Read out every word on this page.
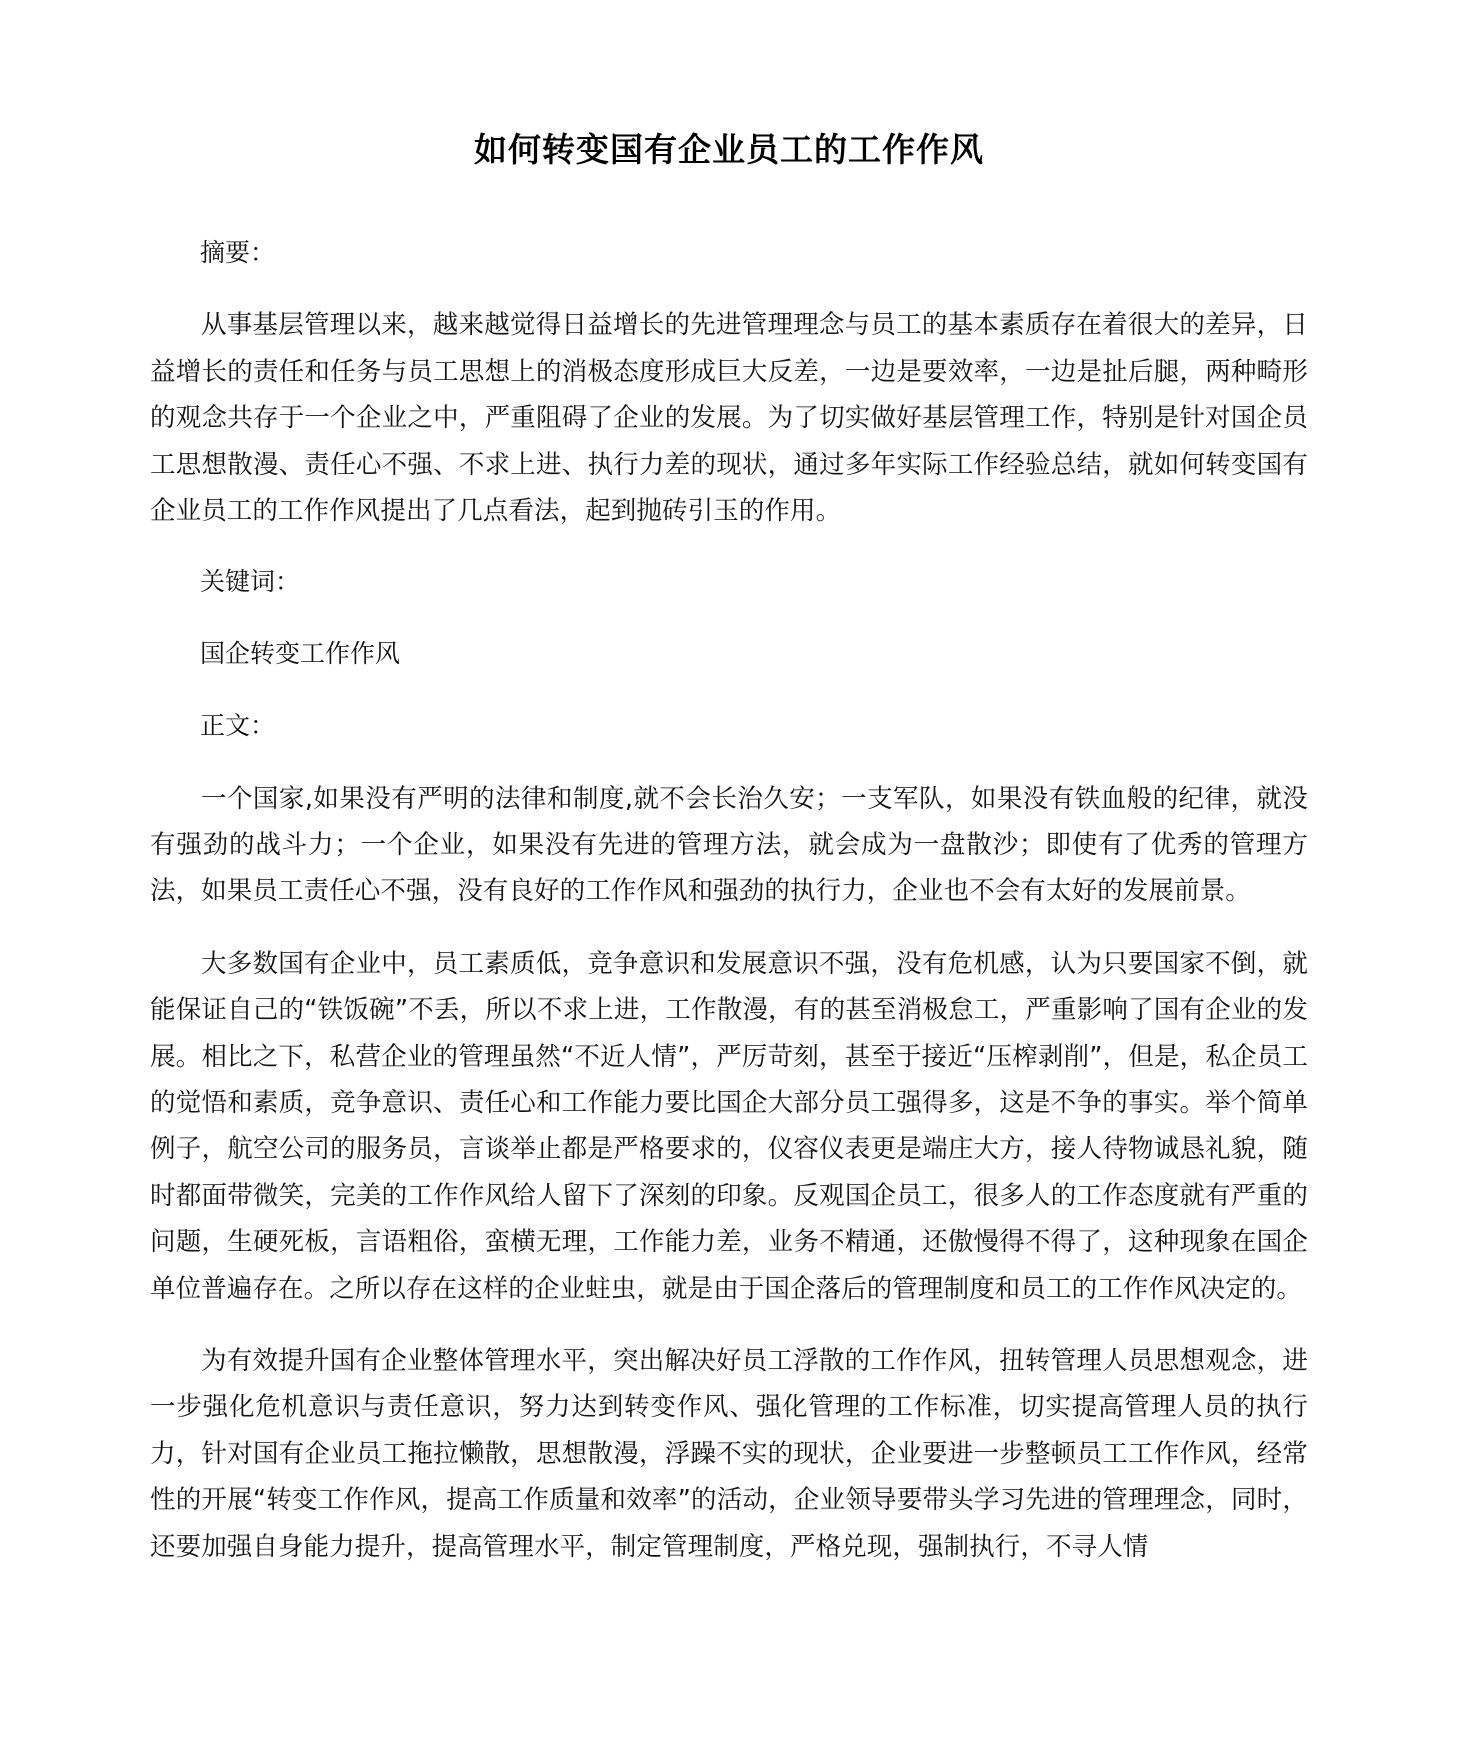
如何转变国有企业员工的工作作风

摘要：

从事基层管理以来，越来越觉得日益增长的先进管理理念与员工的基本素质存在着很大的差异，日益增长的责任和任务与员工思想上的消极态度形成巨大反差，一边是要效率，一边是扯后腿，两种畸形的观念共存于一个企业之中，严重阻碍了企业的发展。为了切实做好基层管理工作，特别是针对国企员工思想散漫、责任心不强、不求上进、执行力差的现状，通过多年实际工作经验总结，就如何转变国有企业员工的工作作风提出了几点看法，起到抛砖引玉的作用。

关键词：

国企转变工作作风

正文：

一个国家,如果没有严明的法律和制度,就不会长治久安；一支军队，如果没有铁血般的纪律，就没有强劲的战斗力；一个企业，如果没有先进的管理方法，就会成为一盘散沙；即使有了优秀的管理方法，如果员工责任心不强，没有良好的工作作风和强劲的执行力，企业也不会有太好的发展前景。

大多数国有企业中，员工素质低，竞争意识和发展意识不强，没有危机感，认为只要国家不倒，就能保证自己的“铁饭碗”不丢，所以不求上进，工作散漫，有的甚至消极怠工，严重影响了国有企业的发展。相比之下，私营企业的管理虽然“不近人情”，严厉苛刻，甚至于接近“压榨剥削”，但是，私企员工的觉悟和素质，竞争意识、责任心和工作能力要比国企大部分员工强得多，这是不争的事实。举个简单例子，航空公司的服务员，言谈举止都是严格要求的，仪容仪表更是端庄大方，接人待物诚恳礼貌，随时都面带微笑，完美的工作作风给人留下了深刻的印象。反观国企员工，很多人的工作态度就有严重的问题，生硬死板，言语粗俗，蛮横无理，工作能力差，业务不精通，还傲慢得不得了，这种现象在国企单位普遍存在。之所以存在这样的企业蛀虫，就是由于国企落后的管理制度和员工的工作作风决定的。

为有效提升国有企业整体管理水平，突出解决好员工浮散的工作作风，扭转管理人员思想观念，进一步强化危机意识与责任意识，努力达到转变作风、强化管理的工作标准，切实提高管理人员的执行力，针对国有企业员工拖拉懒散，思想散漫，浮躁不实的现状，企业要进一步整顿员工工作作风，经常性的开展“转变工作作风，提高工作质量和效率”的活动，企业领导要带头学习先进的管理理念，同时，还要加强自身能力提升，提高管理水平，制定管理制度，严格兑现，强制执行，不寻人情
